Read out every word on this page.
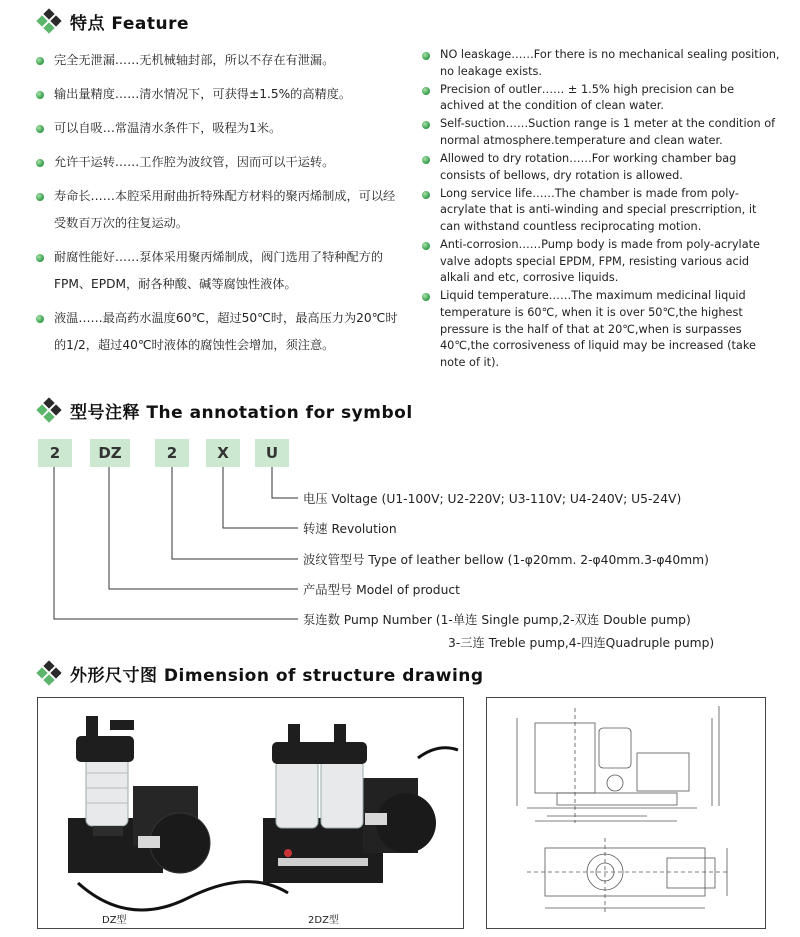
特点 Feature
完全无泄漏……无机械轴封部，所以不存在有泄漏。
输出量精度……清水情况下，可获得±1.5%的高精度。
可以自吸…常温清水条件下，吸程为1米。
允许干运转……工作腔为波纹管，因而可以干运转。
寿命长……本腔采用耐曲折特殊配方材料的聚丙烯制成，可以经受数百万次的往复运动。
耐腐性能好……泵体采用聚丙烯制成，阀门选用了特种配方的FPM、EPDM，耐各种酸、碱等腐蚀性液体。
液温……最高药水温度60℃，超过50℃时，最高压力为20℃时的1/2，超过40℃时液体的腐蚀性会增加，须注意。
NO leaskage……For there is no mechanical sealing position, no leakage exists.
Precision of outler…… ± 1.5% high precision can be achived at the condition of clean water.
Self-suction……Suction range is 1 meter at the condition of normal atmosphere.temperature and clean water.
Allowed to dry rotation……For working chamber bag consists of bellows, dry rotation is allowed.
Long service life……The chamber is made from poly-acrylate that is anti-winding and special prescrription, it can withstand countless reciprocating motion.
Anti-corrosion……Pump body is made from poly-acrylate valve adopts special EPDM, FPM, resisting various acid alkali and etc, corrosive liquids.
Liquid temperature……The maximum medicinal liquid temperature is 60℃, when it is over 50℃,the highest pressure is the half of that at 20℃,when is surpasses 40℃,the corrosiveness of liquid may be increased (take note of it).
型号注释 The annotation for symbol
2	DZ	2	X	U
电压 Voltage (U1-100V; U2-220V; U3-110V; U4-240V; U5-24V)
转速 Revolution
波纹管型号 Type of leather bellow (1-φ20mm. 2-φ40mm.3-φ40mm)
产品型号 Model of product
泵连数 Pump Number (1-单连 Single pump,2-双连 Double pump)
3-三连 Treble pump,4-四连Quadruple pump)
外形尺寸图 Dimension of structure drawing
DZ型	2DZ型
